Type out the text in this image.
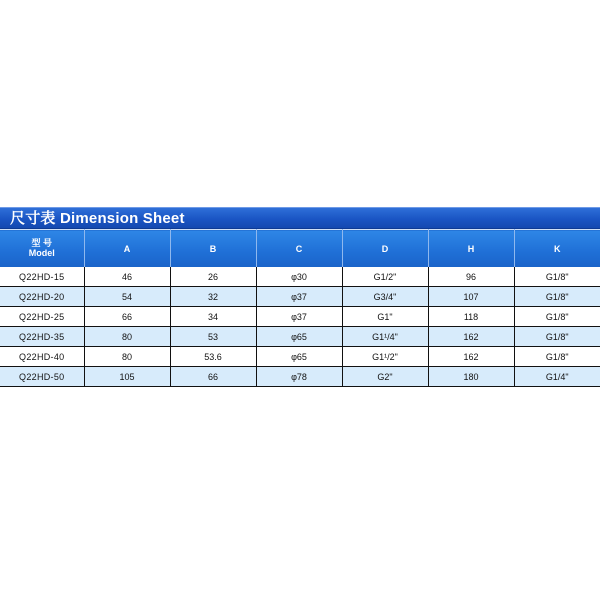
尺寸表 Dimension Sheet
型 号
Model	A	B	C	D	H	K
Q22HD-15	46	26	φ30	G1/2"	96	G1/8"
Q22HD-20	54	32	φ37	G3/4"	107	G1/8"
Q22HD-25	66	34	φ37	G1"	118	G1/8"
Q22HD-35	80	53	φ65	G1¹/4"	162	G1/8"
Q22HD-40	80	53.6	φ65	G1¹/2"	162	G1/8"
Q22HD-50	105	66	φ78	G2"	180	G1/4"
